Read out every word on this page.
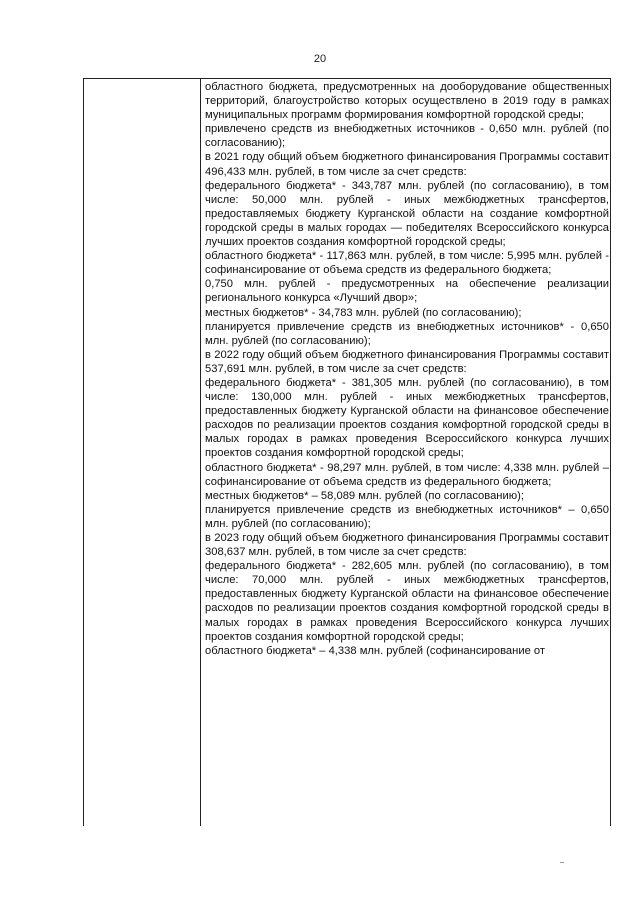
20

областного бюджета, предусмотренных на дооборудование общественных территорий, благоустройство которых осуществлено в 2019 году в рамках муниципальных программ формирования комфортной городской среды;

привлечено средств из внебюджетных источников - 0,650 млн. рублей (по согласованию);

в 2021 году общий объем бюджетного финансирования Программы составит 496,433 млн. рублей, в том числе за счет средств:

федерального бюджета* - 343,787 млн. рублей (по согласованию), в том числе: 50,000 млн. рублей - иных межбюджетных трансфертов, предоставляемых бюджету Курганской области на создание комфортной городской среды в малых городах — победителях Всероссийского конкурса лучших проектов создания комфортной городской среды;

областного бюджета* - 117,863 млн. рублей, в том числе: 5,995 млн. рублей - софинансирование от объема средств из федерального бюджета;

0,750 млн. рублей - предусмотренных на обеспечение реализации регионального конкурса «Лучший двор»;

местных бюджетов* - 34,783 млн. рублей (по согласованию);

планируется привлечение средств из внебюджетных источников* - 0,650 млн. рублей (по согласованию);

в 2022 году общий объем бюджетного финансирования Программы составит 537,691 млн. рублей, в том числе за счет средств:

федерального бюджета* - 381,305 млн. рублей (по согласованию), в том числе: 130,000 млн. рублей - иных межбюджетных трансфертов, предоставленных бюджету Курганской области на финансовое обеспечение расходов по реализации проектов создания комфортной городской среды в малых городах в рамках проведения Всероссийского конкурса лучших проектов создания комфортной городской среды;

областного бюджета* - 98,297 млн. рублей, в том числе: 4,338 млн. рублей – софинансирование от объема средств из федерального бюджета;

местных бюджетов* – 58,089 млн. рублей (по согласованию);

планируется привлечение средств из внебюджетных источников* – 0,650 млн. рублей (по согласованию);

в 2023 году общий объем бюджетного финансирования Программы составит 308,637 млн. рублей, в том числе за счет средств:

федерального бюджета* - 282,605 млн. рублей (по согласованию), в том числе: 70,000 млн. рублей - иных межбюджетных трансфертов, предоставленных бюджету Курганской области на финансовое обеспечение расходов по реализации проектов создания комфортной городской среды в малых городах в рамках проведения Всероссийского конкурса лучших проектов создания комфортной городской среды;

областного бюджета* – 4,338 млн. рублей (софинансирование от
